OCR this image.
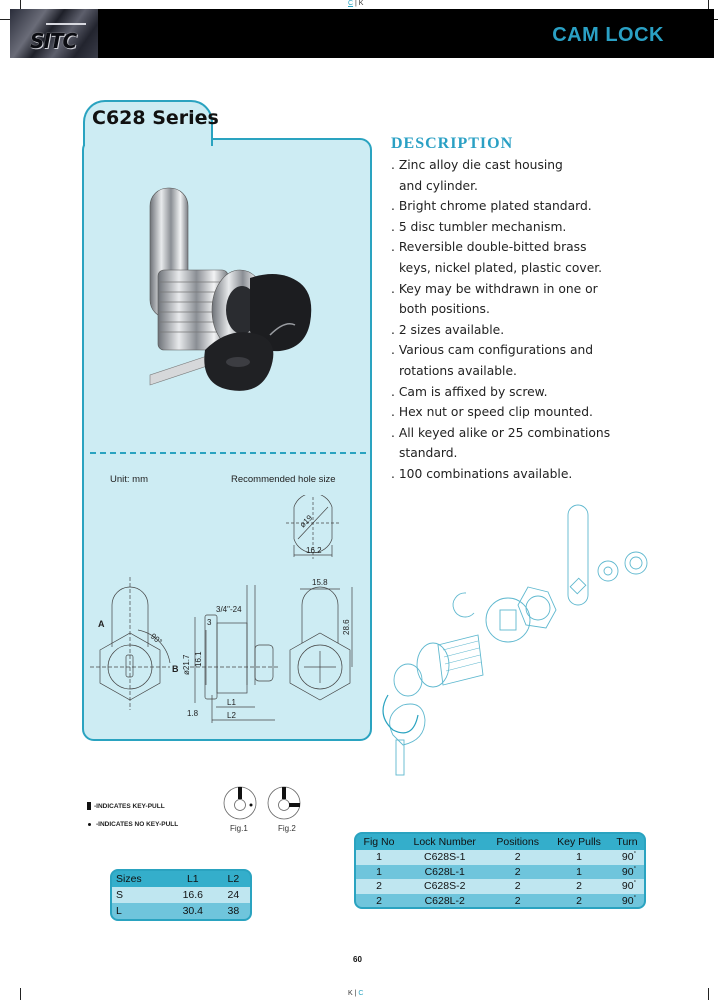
C | K
K | C
SITC	CAM LOCK
C628 Series
Unit: mm	Recommended hole size
ø19
16.2
A
B
90°
3/4"-24
3
ø21.7 16.1
L1
L2
1.8
15.8
28.6
DESCRIPTION
. Zinc alloy die cast housing
and cylinder.
. Bright chrome plated standard.
. 5 disc tumbler mechanism.
. Reversible double-bitted brass
keys, nickel plated, plastic cover.
. Key may be withdrawn in one or
both positions.
. 2 sizes available.
. Various cam configurations and
rotations available.
. Cam is affixed by screw.
. Hex nut or speed clip mounted.
. All keyed alike or 25 combinations
standard.
. 100 combinations available.
-INDICATES KEY-PULL
-INDICATES NO KEY-PULL	Fig.1	Fig.2
Sizes	L1	L2
S	16.6	24
L	30.4	38
Fig No	Lock Number	Positions	Key Pulls	Turn
1	C628S-1	2	1	90°
1	C628L-1	2	1	90°
2	C628S-2	2	2	90°
2	C628L-2	2	2	90°
60
